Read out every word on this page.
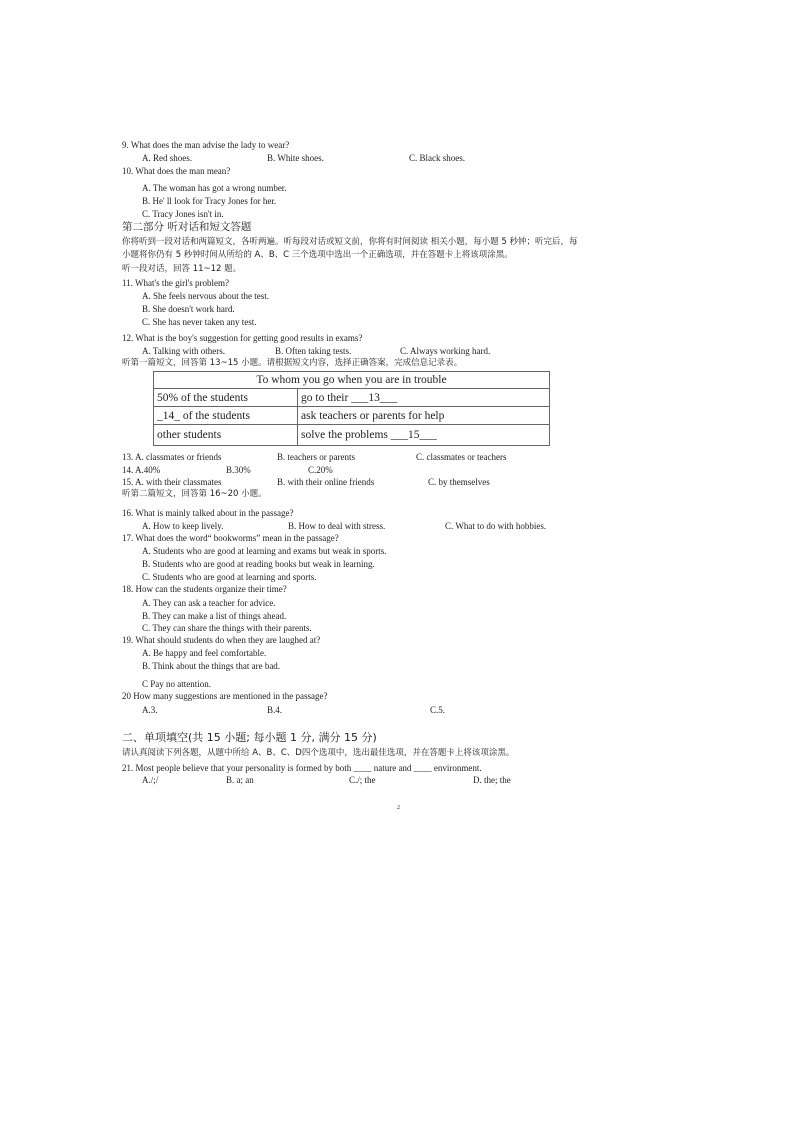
9. What does the man advise the lady to wear?
A. Red shoes.	B. White shoes.	C. Black shoes.
10. What does the man mean?
A. The woman has got a wrong number.
B. He' ll look for Tracy Jones for her.
C. Tracy Jones isn't in.
第二部分 听对话和短文答题
你将听到一段对话和两篇短文，各听两遍。听每段对话或短文前，你将有时间阅读 相关小题，每小题 5 秒钟；听完后，每
小题将你仍有 5 秒钟时间从所给的 A、B、C 三个选项中选出一个正确选项，并在答题卡上将该项涂黑。
听一段对话，回答 11~12 题。
11. What's the girl's problem?
A. She feels nervous about the test.
B. She doesn't work hard.
C. She has never taken any test.
12. What is the boy's suggestion for getting good results in exams?
A. Talking with others.	B. Often taking tests.	C. Always working hard.
听第一篇短文，回答第 13~15 小题。请根据短文内容，选择正确答案，完成信息记录表。
To whom you go when you are in trouble	
50% of the students	go to their ___13___
_14_ of the students	ask teachers or parents for help
other students	solve the problems ___15___
13. A. classmates or friends	B. teachers or parents	C. classmates or teachers
14. A.40%	B.30%	C.20%
15. A. with their classmates	B. with their online friends	C. by themselves
听第二篇短文，回答第 16~20 小题。
16. What is mainly talked about in the passage?
A. How to keep lively.	B. How to deal with stress.	C. What to do with hobbies.
17. What does the word“ bookworms” mean in the passage?
A. Students who are good at learning and exams but weak in sports.
B. Students who are good at reading books but weak in learning.
C. Students who are good at learning and sports.
18. How can the students organize their time?
A. They can ask a teacher for advice.
B. They can make a list of things ahead.
C. They can share the things with their parents.
19. What should students do when they are laughed at?
A. Be happy and feel comfortable.
B. Think about the things that are bad.
C Pay no attention.
20 How many suggestions are mentioned in the passage?
A.3.	B.4.	C.5.
二、单项填空(共 15 小题; 每小题 1 分, 满分 15 分)
请认真阅读下列各题，从题中所给 A、B、C、D四个选项中，选出最佳选项，并在答题卡上将该项涂黑。
21. Most people believe that your personality is formed by both ____ nature and ____ environment.
A./;/	B. a; an	C./; the	D. the; the
2
